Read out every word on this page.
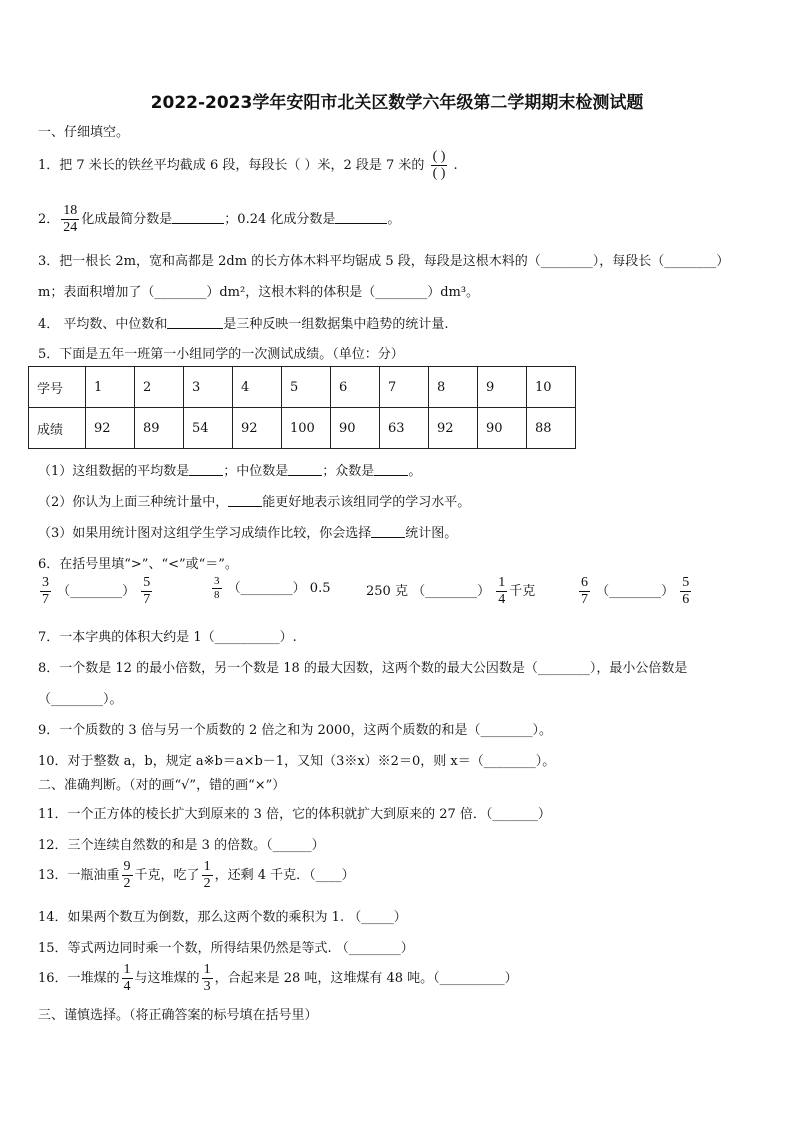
2022-2023学年安阳市北关区数学六年级第二学期期末检测试题
一、仔细填空。
1．把 7 米长的铁丝平均截成 6 段，每段长（ ）米，2 段是 7 米的 $\frac{( )}{( )}$ .
2． $\frac{18}{24}$ 化成最简分数是	；0.24 化成分数是	。
3．把一根长 2m，宽和高都是 2dm 的长方体木料平均锯成 5 段，每段是这根木料的（________），每段长（________）
m；表面积增加了（________）dm²，这根木料的体积是（________）dm³。
4． 平均数、中位数和	是三种反映一组数据集中趋势的统计量.
5．下面是五年一班第一小组同学的一次测试成绩。（单位：分）
学号	1	2	3	4	5	6	7	8	9	10
成绩	92	89	54	92	100	90	63	92	90	88
（1）这组数据的平均数是	；中位数是	；众数是	。
（2）你认为上面三种统计量中，	能更好地表示该组同学的学习水平。
（3）如果用统计图对这组学生学习成绩作比较，你会选择	统计图。
6．在括号里填“>”、“<”或“＝”。
$\frac{3}{7}$ （________） $\frac{5}{7}$	$\frac{3}{8}$ （________） 0.5	250 克 （________） $\frac{1}{4}$ 千克	$\frac{6}{7}$ （________） $\frac{5}{6}$
7．一本字典的体积大约是 1（__________）.
8．一个数是 12 的最小倍数，另一个数是 18 的最大因数，这两个数的最大公因数是（________），最小公倍数是
（________）。
9．一个质数的 3 倍与另一个质数的 2 倍之和为 2000，这两个质数的和是（________）。
10．对于整数 a，b，规定 a※b＝a×b－1，又知（3※x）※2＝0，则 x＝（________）。
二、准确判断。（对的画“√”，错的画“×”）
11．一个正方体的棱长扩大到原来的 3 倍，它的体积就扩大到原来的 27 倍．（_______）
12．三个连续自然数的和是 3 的倍数。（______）
13．一瓶油重 $\frac{9}{2}$ 千克，吃了 $\frac{1}{2}$ ，还剩 4 千克．（____）
14．如果两个数互为倒数，那么这两个数的乘积为 1. （_____）
15．等式两边同时乘一个数，所得结果仍然是等式. （________）
16．一堆煤的 $\frac{1}{4}$ 与这堆煤的 $\frac{1}{3}$ ，合起来是 28 吨，这堆煤有 48 吨。（__________）
三、谨慎选择。（将正确答案的标号填在括号里）
